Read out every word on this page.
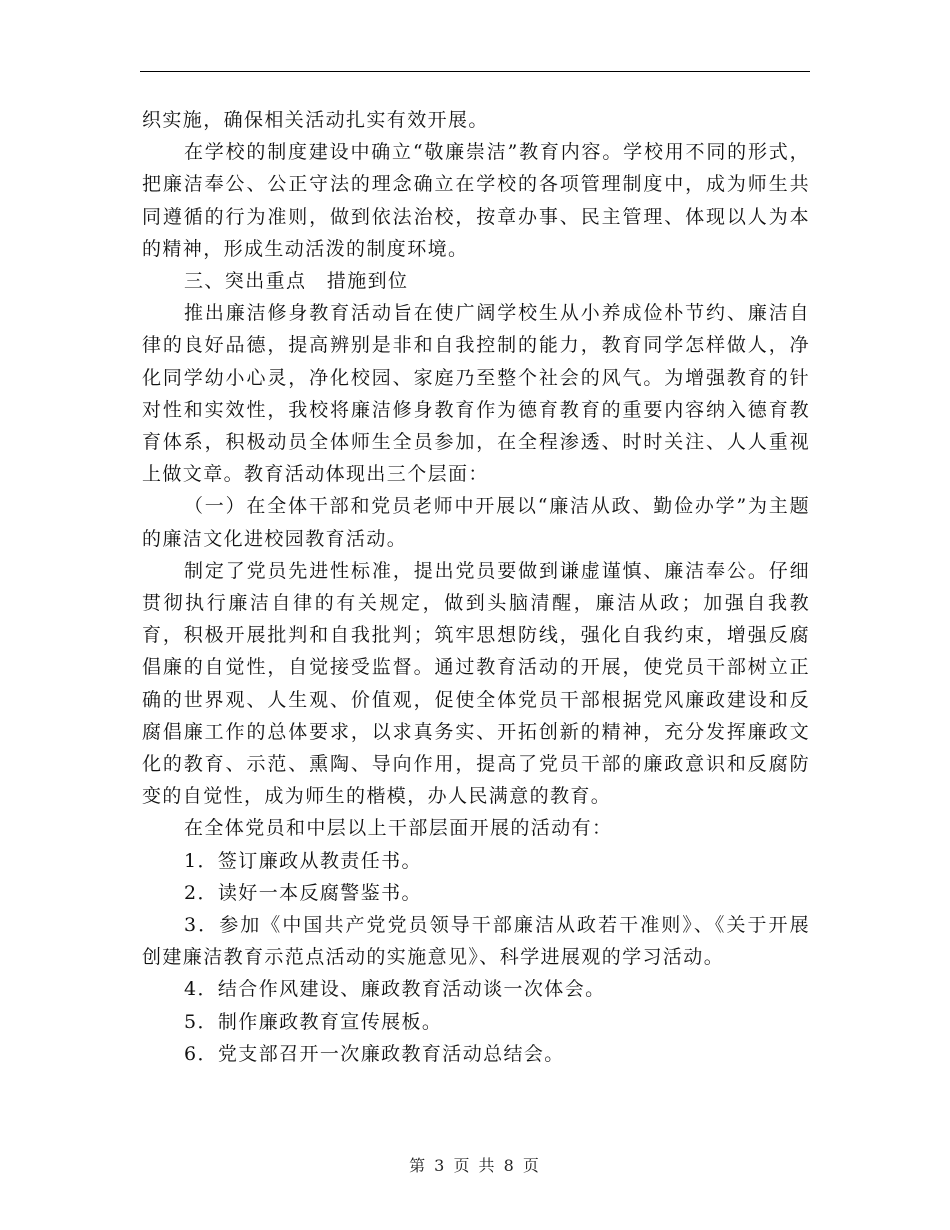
织实施，确保相关活动扎实有效开展。

在学校的制度建设中确立“敬廉崇洁”教育内容。学校用不同的形式，把廉洁奉公、公正守法的理念确立在学校的各项管理制度中，成为师生共同遵循的行为准则，做到依法治校，按章办事、民主管理、体现以人为本的精神，形成生动活泼的制度环境。

三、突出重点　措施到位

推出廉洁修身教育活动旨在使广阔学校生从小养成俭朴节约、廉洁自律的良好品德，提高辨别是非和自我控制的能力，教育同学怎样做人，净化同学幼小心灵，净化校园、家庭乃至整个社会的风气。为增强教育的针对性和实效性，我校将廉洁修身教育作为德育教育的重要内容纳入德育教育体系，积极动员全体师生全员参加，在全程渗透、时时关注、人人重视上做文章。教育活动体现出三个层面：

（一）在全体干部和党员老师中开展以“廉洁从政、勤俭办学”为主题的廉洁文化进校园教育活动。

制定了党员先进性标准，提出党员要做到谦虚谨慎、廉洁奉公。仔细贯彻执行廉洁自律的有关规定，做到头脑清醒，廉洁从政；加强自我教育，积极开展批判和自我批判；筑牢思想防线，强化自我约束，增强反腐倡廉的自觉性，自觉接受监督。通过教育活动的开展，使党员干部树立正确的世界观、人生观、价值观，促使全体党员干部根据党风廉政建设和反腐倡廉工作的总体要求，以求真务实、开拓创新的精神，充分发挥廉政文化的教育、示范、熏陶、导向作用，提高了党员干部的廉政意识和反腐防变的自觉性，成为师生的楷模，办人民满意的教育。

在全体党员和中层以上干部层面开展的活动有：

1．签订廉政从教责任书。

2．读好一本反腐警鉴书。

3．参加《中国共产党党员领导干部廉洁从政若干准则》、《关于开展创建廉洁教育示范点活动的实施意见》、科学进展观的学习活动。

4．结合作风建设、廉政教育活动谈一次体会。

5．制作廉政教育宣传展板。

6．党支部召开一次廉政教育活动总结会。

第 3 页 共 8 页
